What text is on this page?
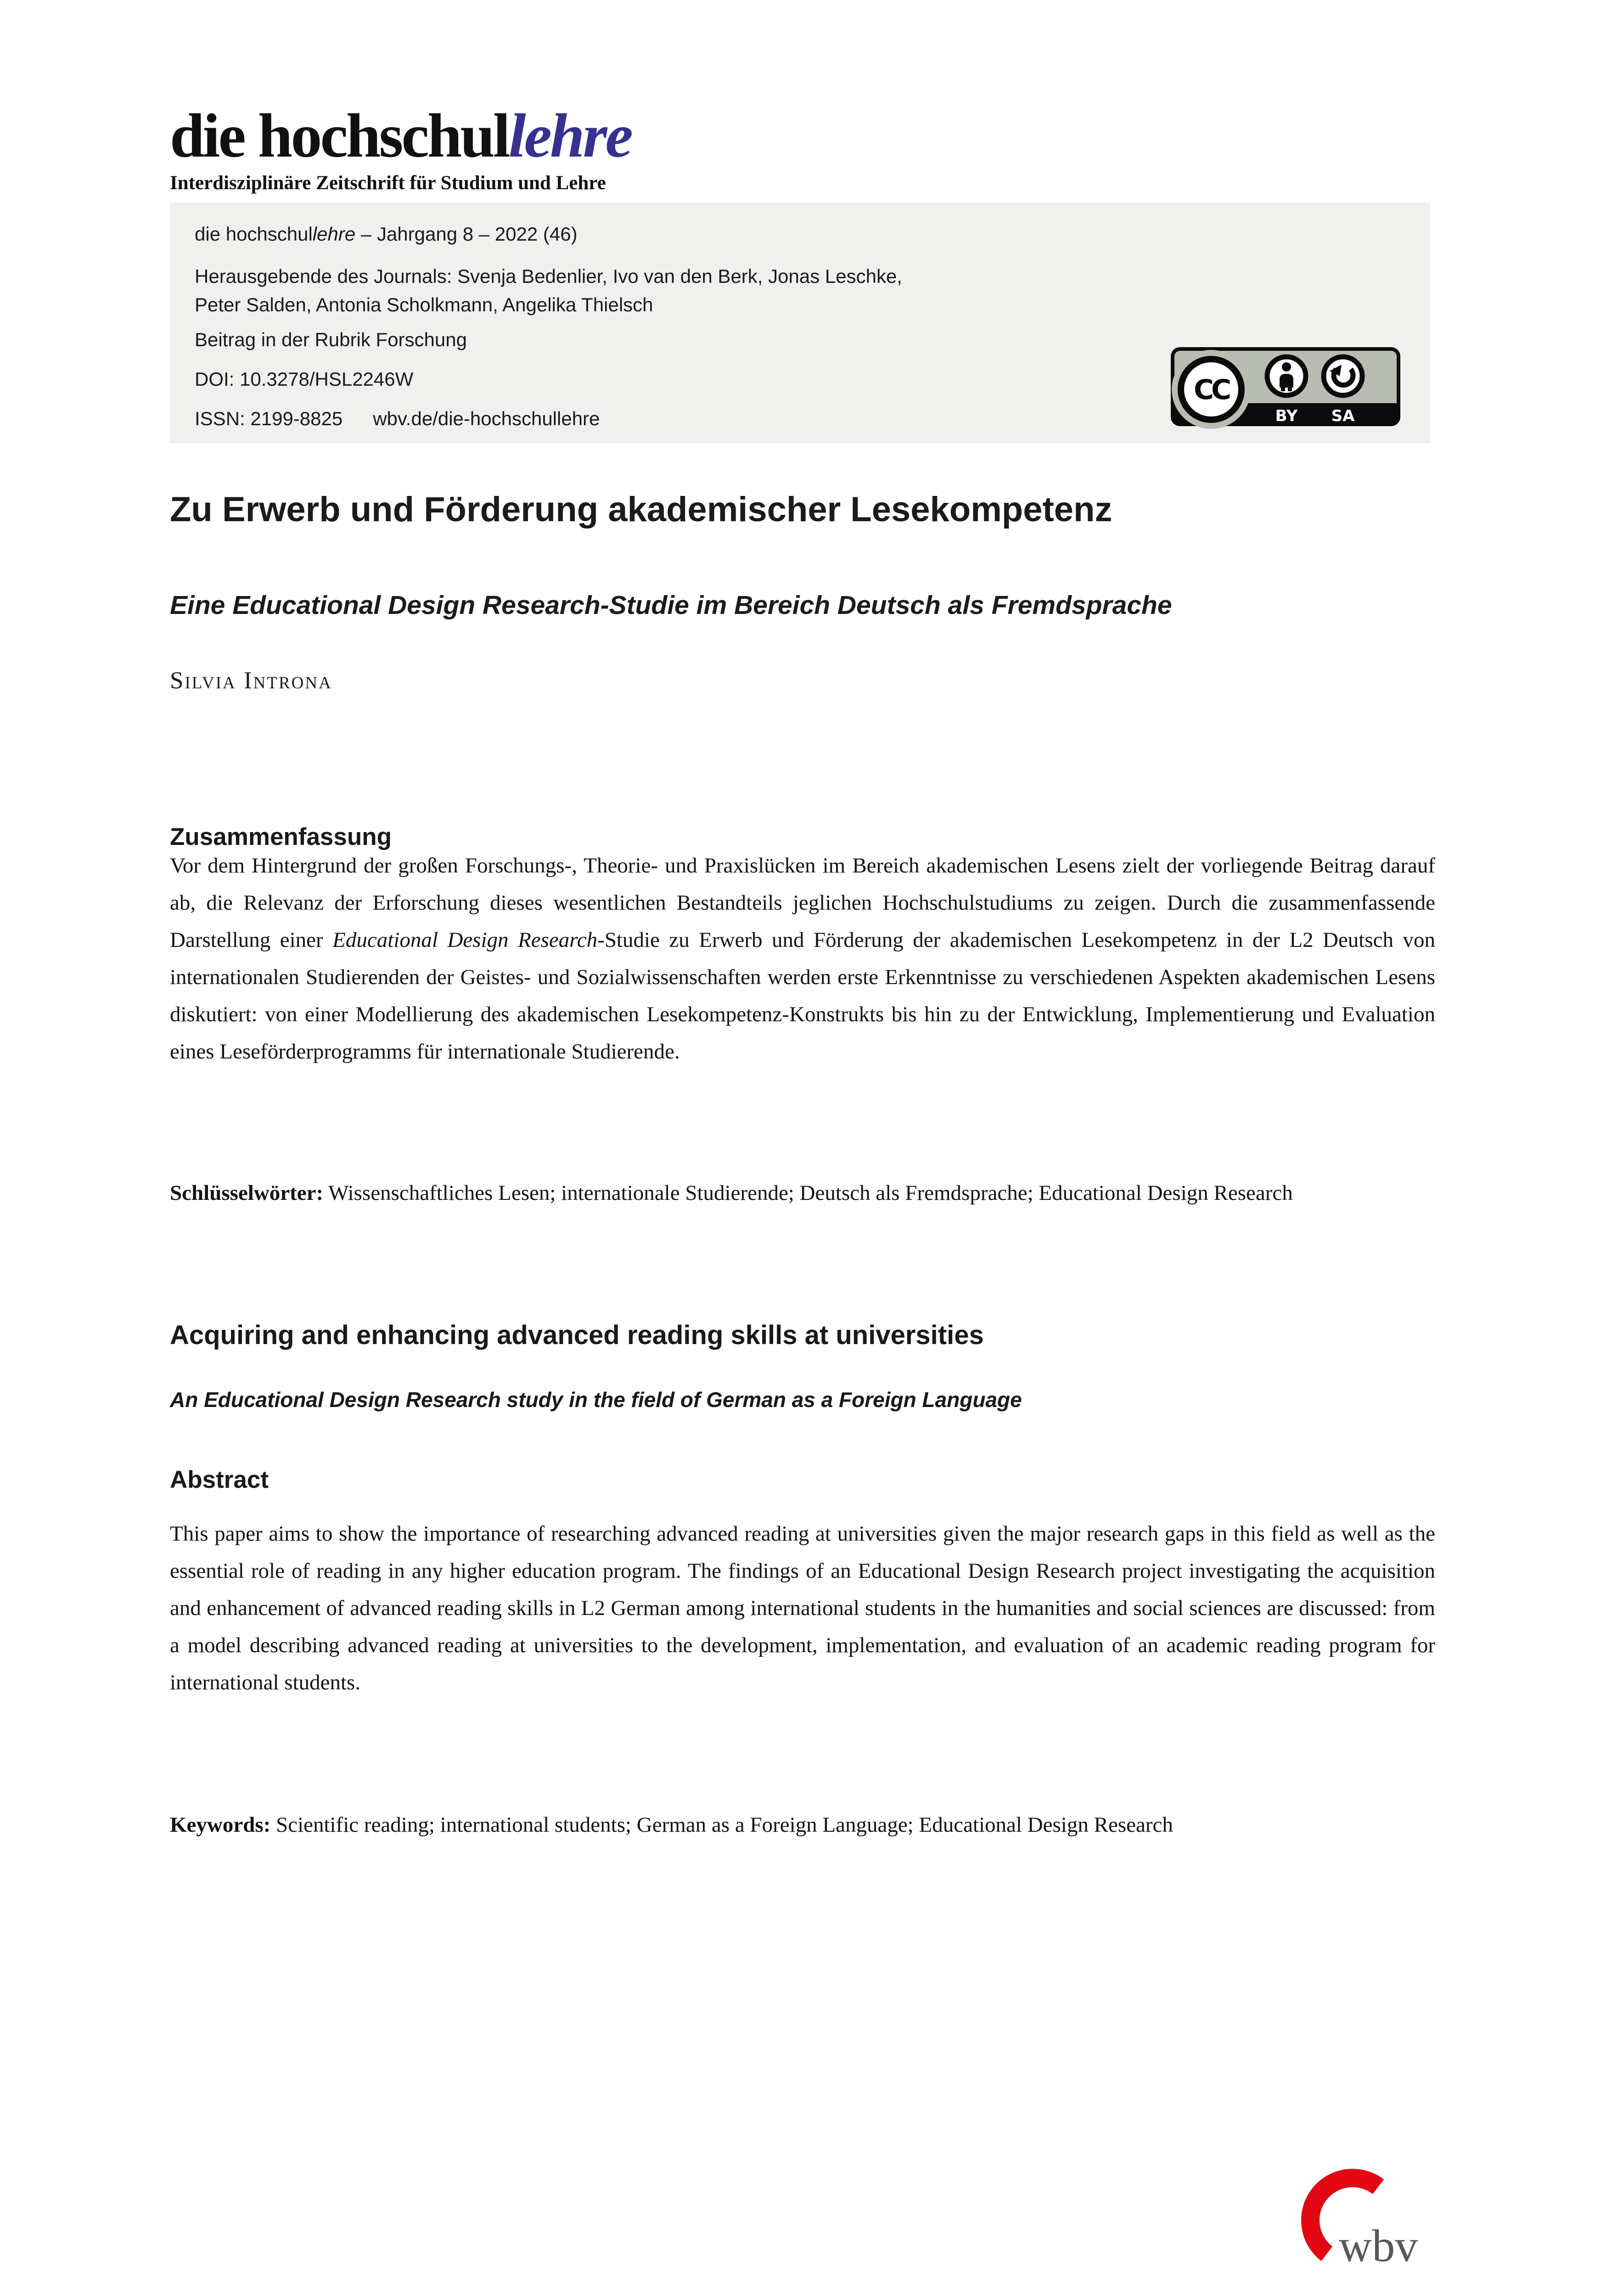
die hochschullehre
Interdisziplinäre Zeitschrift für Studium und Lehre

die hochschullehre – Jahrgang 8 – 2022 (46)

Herausgebende des Journals: Svenja Bedenlier, Ivo van den Berk, Jonas Leschke,
Peter Salden, Antonia Scholkmann, Angelika Thielsch

Beitrag in der Rubrik Forschung

DOI: 10.3278/HSL2246W

ISSN: 2199-8825 wbv.de/die-hochschullehre

CC
BY SA
Zu Erwerb und Förderung akademischer Lesekompetenz
Eine Educational Design Research-Studie im Bereich Deutsch als Fremdsprache

Silvia Introna

Zusammenfassung

Vor dem Hintergrund der großen Forschungs-, Theorie- und Praxislücken im Bereich akademischen Lesens zielt der vorliegende Beitrag darauf ab, die Relevanz der Erforschung dieses wesentlichen Bestandteils jeglichen Hochschulstudiums zu zeigen. Durch die zusammenfassende Darstellung einer Educational Design Research-Studie zu Erwerb und Förderung der akademischen Lesekompetenz in der L2 Deutsch von internationalen Studierenden der Geistes- und Sozialwissenschaften werden erste Erkenntnisse zu verschiedenen Aspekten akademischen Lesens diskutiert: von einer Modellierung des akademischen Lesekompetenz-Konstrukts bis hin zu der Entwicklung, Implementierung und Evaluation eines Leseförderprogramms für internationale Studierende.

Schlüsselwörter: Wissenschaftliches Lesen; internationale Studierende; Deutsch als Fremdsprache; Educational Design Research

Acquiring and enhancing advanced reading skills at universities
An Educational Design Research study in the field of German as a Foreign Language
Abstract

This paper aims to show the importance of researching advanced reading at universities given the major research gaps in this field as well as the essential role of reading in any higher education program. The findings of an Educational Design Research project investigating the acquisition and enhancement of advanced reading skills in L2 German among international students in the humanities and social sciences are discussed: from a model describing advanced reading at universities to the development, implementation, and evaluation of an academic reading program for international students.

Keywords: Scientific reading; international students; German as a Foreign Language; Educational Design Research

wbv
